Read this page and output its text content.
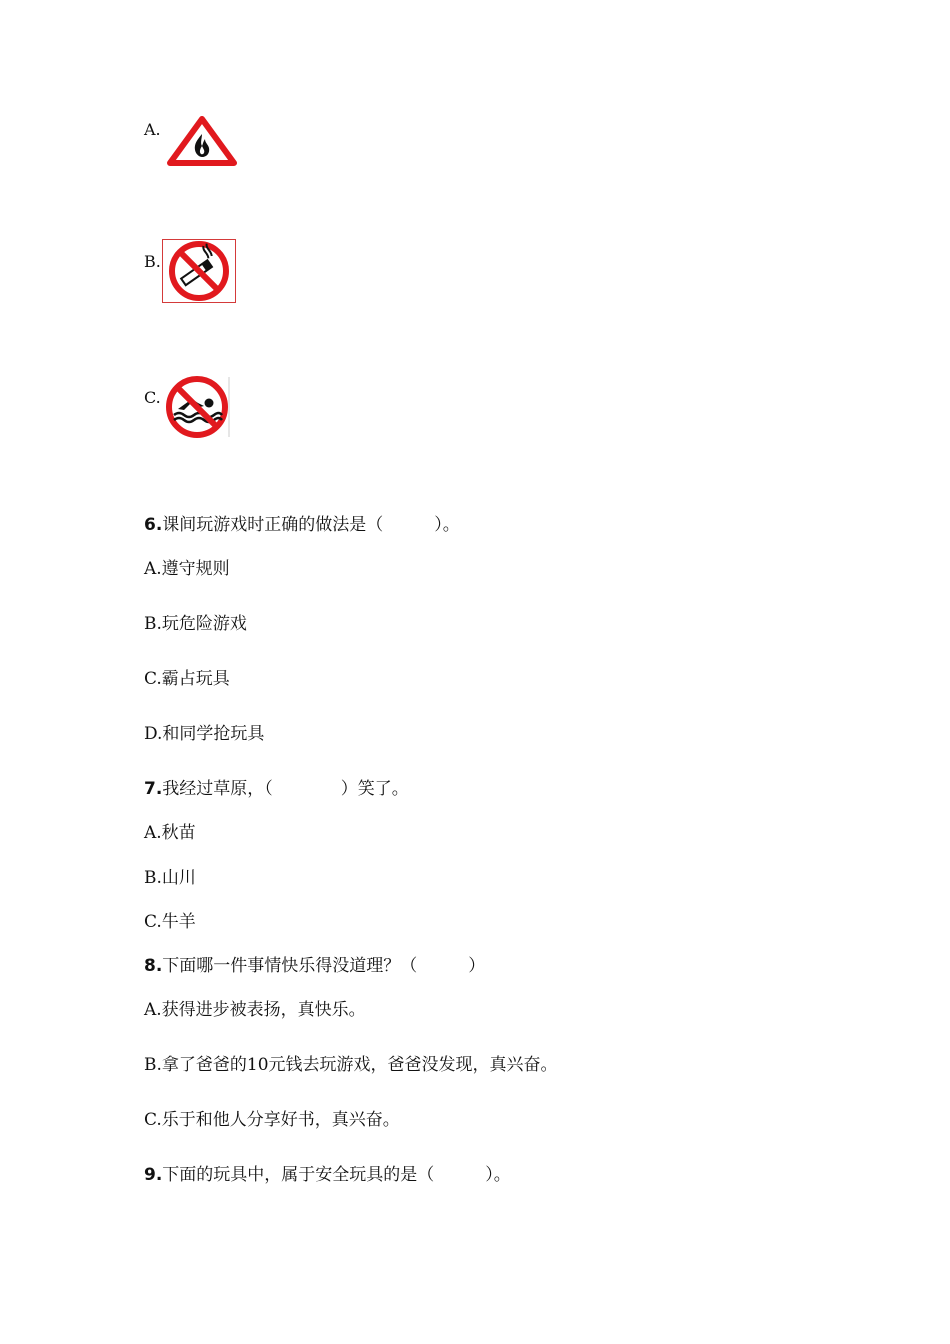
A.
B.
C.
6.课间玩游戏时正确的做法是（　　　）。
A.遵守规则
B.玩危险游戏
C.霸占玩具
D.和同学抢玩具
7.我经过草原，（　　　　）笑了。
A.秋苗
B.山川
C.牛羊
8.下面哪一件事情快乐得没道理？（　　　）
A.获得进步被表扬，真快乐。
B.拿了爸爸的10元钱去玩游戏，爸爸没发现，真兴奋。
C.乐于和他人分享好书，真兴奋。
9.下面的玩具中，属于安全玩具的是（　　　）。
